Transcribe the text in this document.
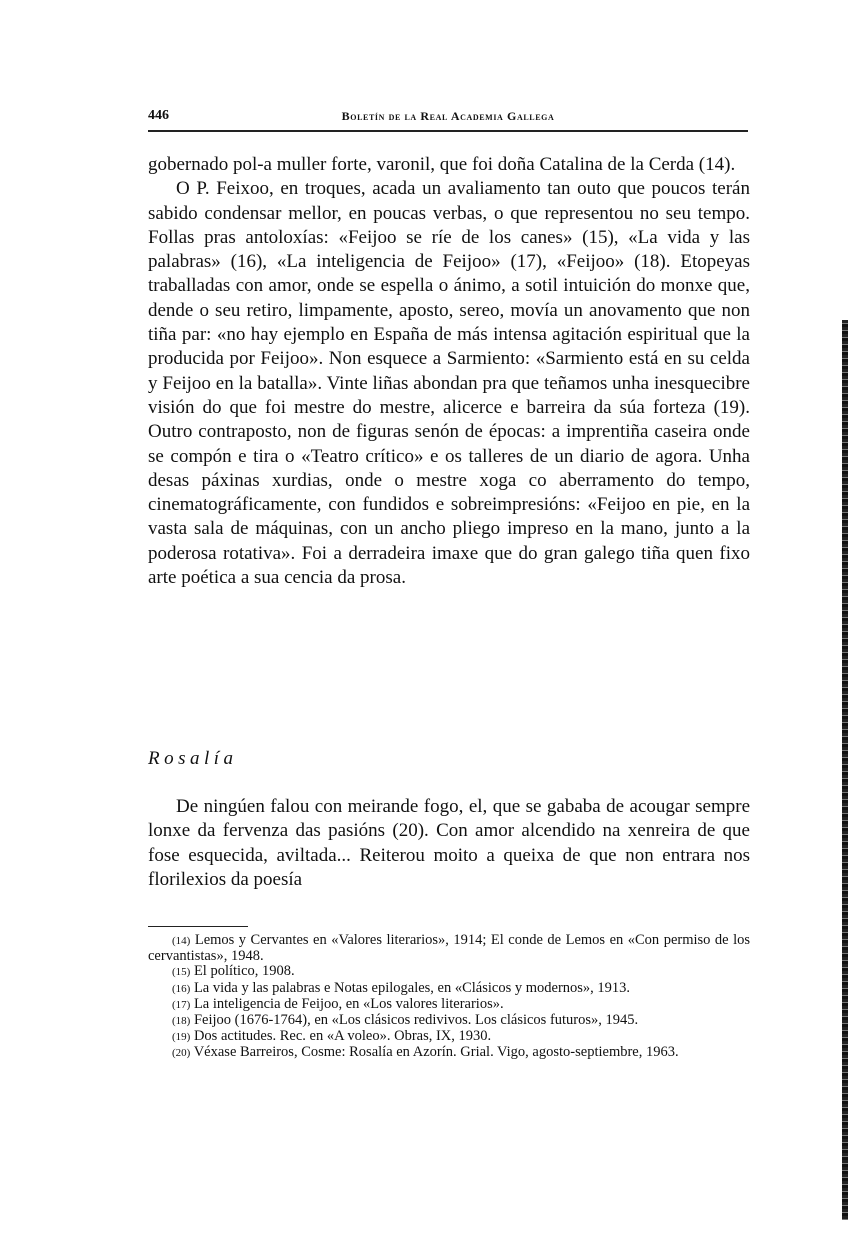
446	Boletín de la Real Academia Gallega

gobernado pol-a muller forte, varonil, que foi doña Catalina de la Cerda (14).

O P. Feixoo, en troques, acada un avaliamento tan outo que poucos terán sabido condensar mellor, en poucas verbas, o que representou no seu tempo. Follas pras antoloxías: «Feijoo se ríe de los canes» (15), «La vida y las palabras» (16), «La inteligencia de Feijoo» (17), «Feijoo» (18). Etopeyas traballadas con amor, onde se espella o ánimo, a sotil intuición do monxe que, dende o seu retiro, limpamente, aposto, sereo, movía un anovamento que non tiña par: «no hay ejemplo en España de más intensa agitación espiritual que la producida por Feijoo». Non esquece a Sarmiento: «Sarmiento está en su celda y Feijoo en la batalla». Vinte liñas abondan pra que teñamos unha inesquecibre visión do que foi mestre do mestre, alicerce e barreira da súa forteza (19). Outro contraposto, non de figuras senón de épocas: a imprentiña caseira onde se compón e tira o «Teatro crítico» e os talleres de un diario de agora. Unha desas páxinas xurdias, onde o mestre xoga co aberramento do tempo, cinematográficamente, con fundidos e sobreimpresións: «Feijoo en pie, en la vasta sala de máquinas, con un ancho pliego impreso en la mano, junto a la poderosa rotativa». Foi a derradeira imaxe que do gran galego tiña quen fixo arte poética a sua cencia da prosa.

Rosalía
De ningúen falou con meirande fogo, el, que se gababa de acougar sempre lonxe da fervenza das pasións (20). Con amor alcendido na xenreira de que fose esquecida, aviltada... Reiterou moito a queixa de que non entrara nos florilexios da poesía

(14) Lemos y Cervantes en «Valores literarios», 1914; El conde de Lemos en «Con permiso de los cervantistas», 1948.

(15) El político, 1908.

(16) La vida y las palabras e Notas epilogales, en «Clásicos y modernos», 1913.

(17) La inteligencia de Feijoo, en «Los valores literarios».

(18) Feijoo (1676-1764), en «Los clásicos redivivos. Los clásicos futuros», 1945.

(19) Dos actitudes. Rec. en «A voleo». Obras, IX, 1930.

(20) Véxase Barreiros, Cosme: Rosalía en Azorín. Grial. Vigo, agosto-septiembre, 1963.
